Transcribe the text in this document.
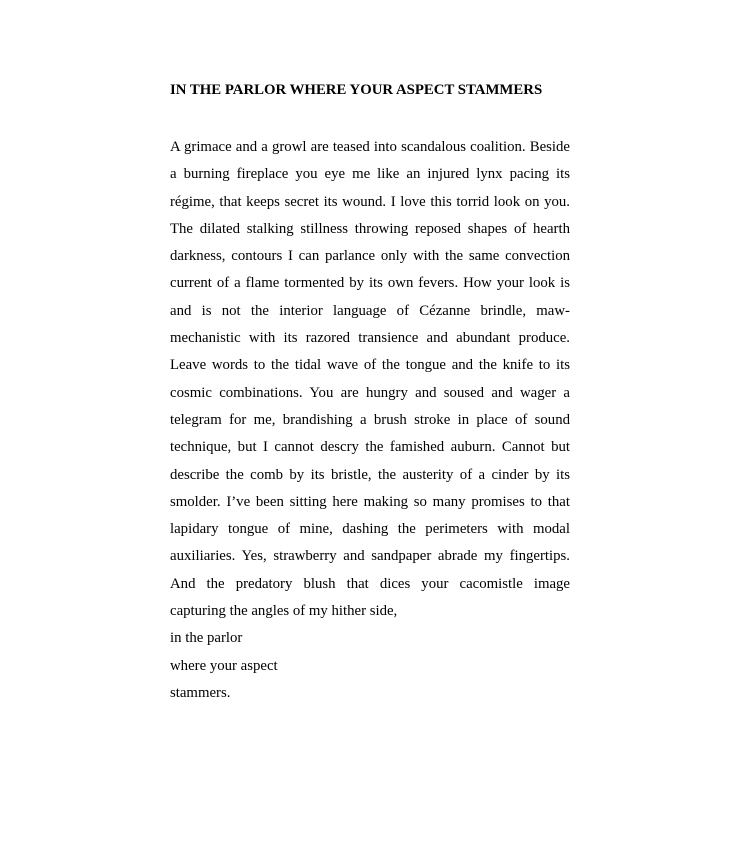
IN THE PARLOR WHERE YOUR ASPECT STAMMERS
A grimace and a growl are teased into scandalous coalition. Beside
a burning fireplace you eye me like an injured lynx pacing its
régime, that keeps secret its wound. I love this torrid look on you.
The dilated stalking stillness throwing reposed shapes of hearth
darkness, contours I can parlance only with the same convection
current of a flame tormented by its own fevers. How your look is
and is not the interior language of Cézanne brindle, maw-
mechanistic with its razored transience and abundant produce.
Leave words to the tidal wave of the tongue and the knife to its
cosmic combinations. You are hungry and soused and wager a
telegram for me, brandishing a brush stroke in place of sound
technique, but I cannot descry the famished auburn. Cannot but
describe the comb by its bristle, the austerity of a cinder by its
smolder. I’ve been sitting here making so many promises to that
lapidary tongue of mine, dashing the perimeters with modal
auxiliaries. Yes, strawberry and sandpaper abrade my fingertips.
And the predatory blush that dices your cacomistle image
capturing the angles of my hither side,
in the parlor
where your aspect
stammers.
